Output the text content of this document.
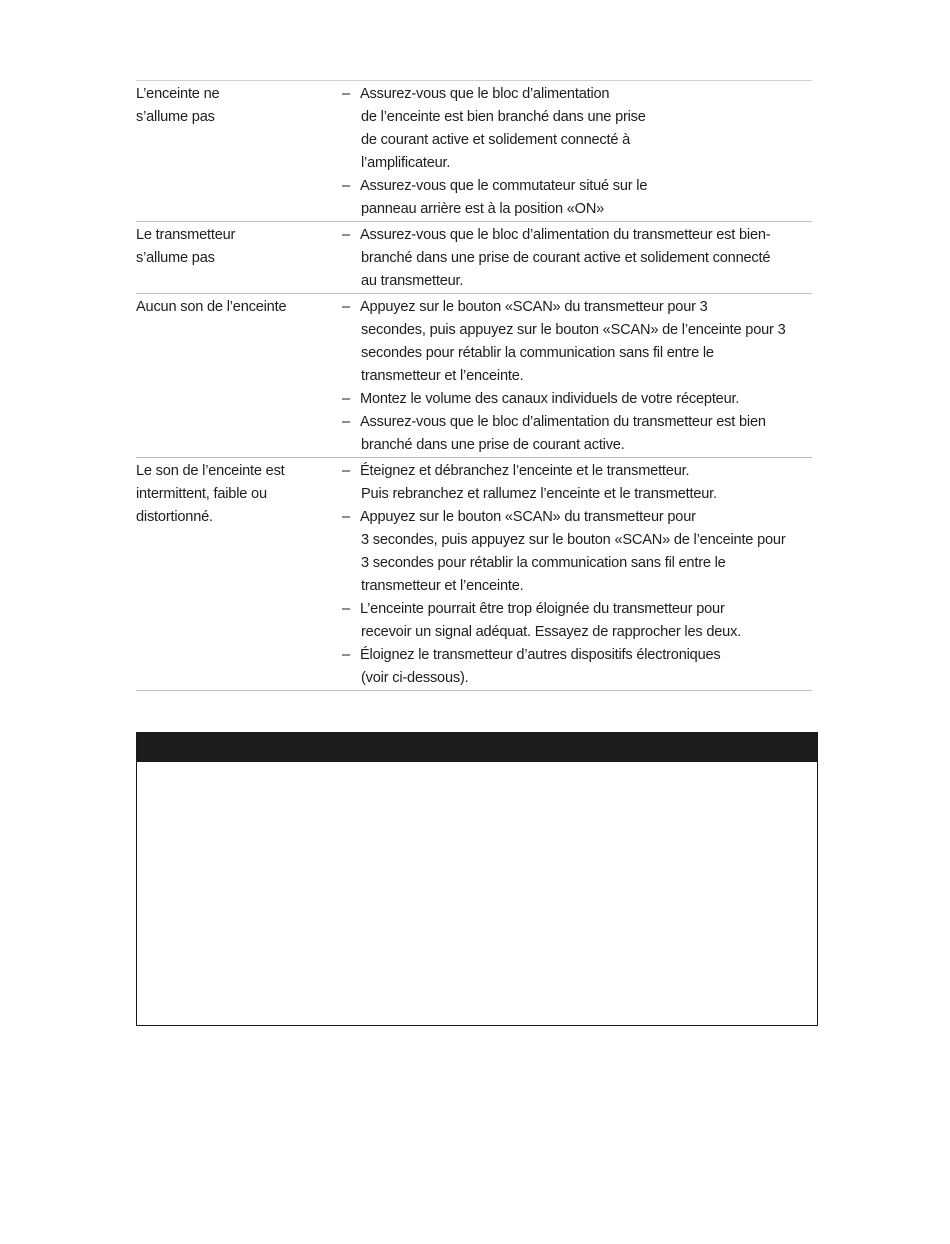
L’enceinte ne
s’allume pas
– Assurez-vous que le bloc d’alimentation
de l’enceinte est bien branché dans une prise
de courant active et solidement connecté à
l’amplificateur.
– Assurez-vous que le commutateur situé sur le
panneau arrière est à la position «ON»
Le transmetteur
s’allume pas
– Assurez-vous que le bloc d’alimentation du transmetteur est bien-
branché dans une prise de courant active et solidement connecté
au transmetteur.
Aucun son de l’enceinte	– Appuyez sur le bouton «SCAN» du transmetteur pour 3
secondes, puis appuyez sur le bouton «SCAN» de l’enceinte pour 3
secondes pour rétablir la communication sans fil entre le
transmetteur et l’enceinte.
– Montez le volume des canaux individuels de votre récepteur.
– Assurez-vous que le bloc d’alimentation du transmetteur est bien
branché dans une prise de courant active.
Le son de l’enceinte est
intermittent, faible ou
distortionné.
– Éteignez et débranchez l’enceinte et le transmetteur.
Puis rebranchez et rallumez l’enceinte et le transmetteur.
– Appuyez sur le bouton «SCAN» du transmetteur pour
3 secondes, puis appuyez sur le bouton «SCAN» de l’enceinte pour
3 secondes pour rétablir la communication sans fil entre le
transmetteur et l’enceinte.
– L’enceinte pourrait être trop éloignée du transmetteur pour
recevoir un signal adéquat. Essayez de rapprocher les deux.
– Éloignez le transmetteur d’autres dispositifs électroniques
(voir ci-dessous).
